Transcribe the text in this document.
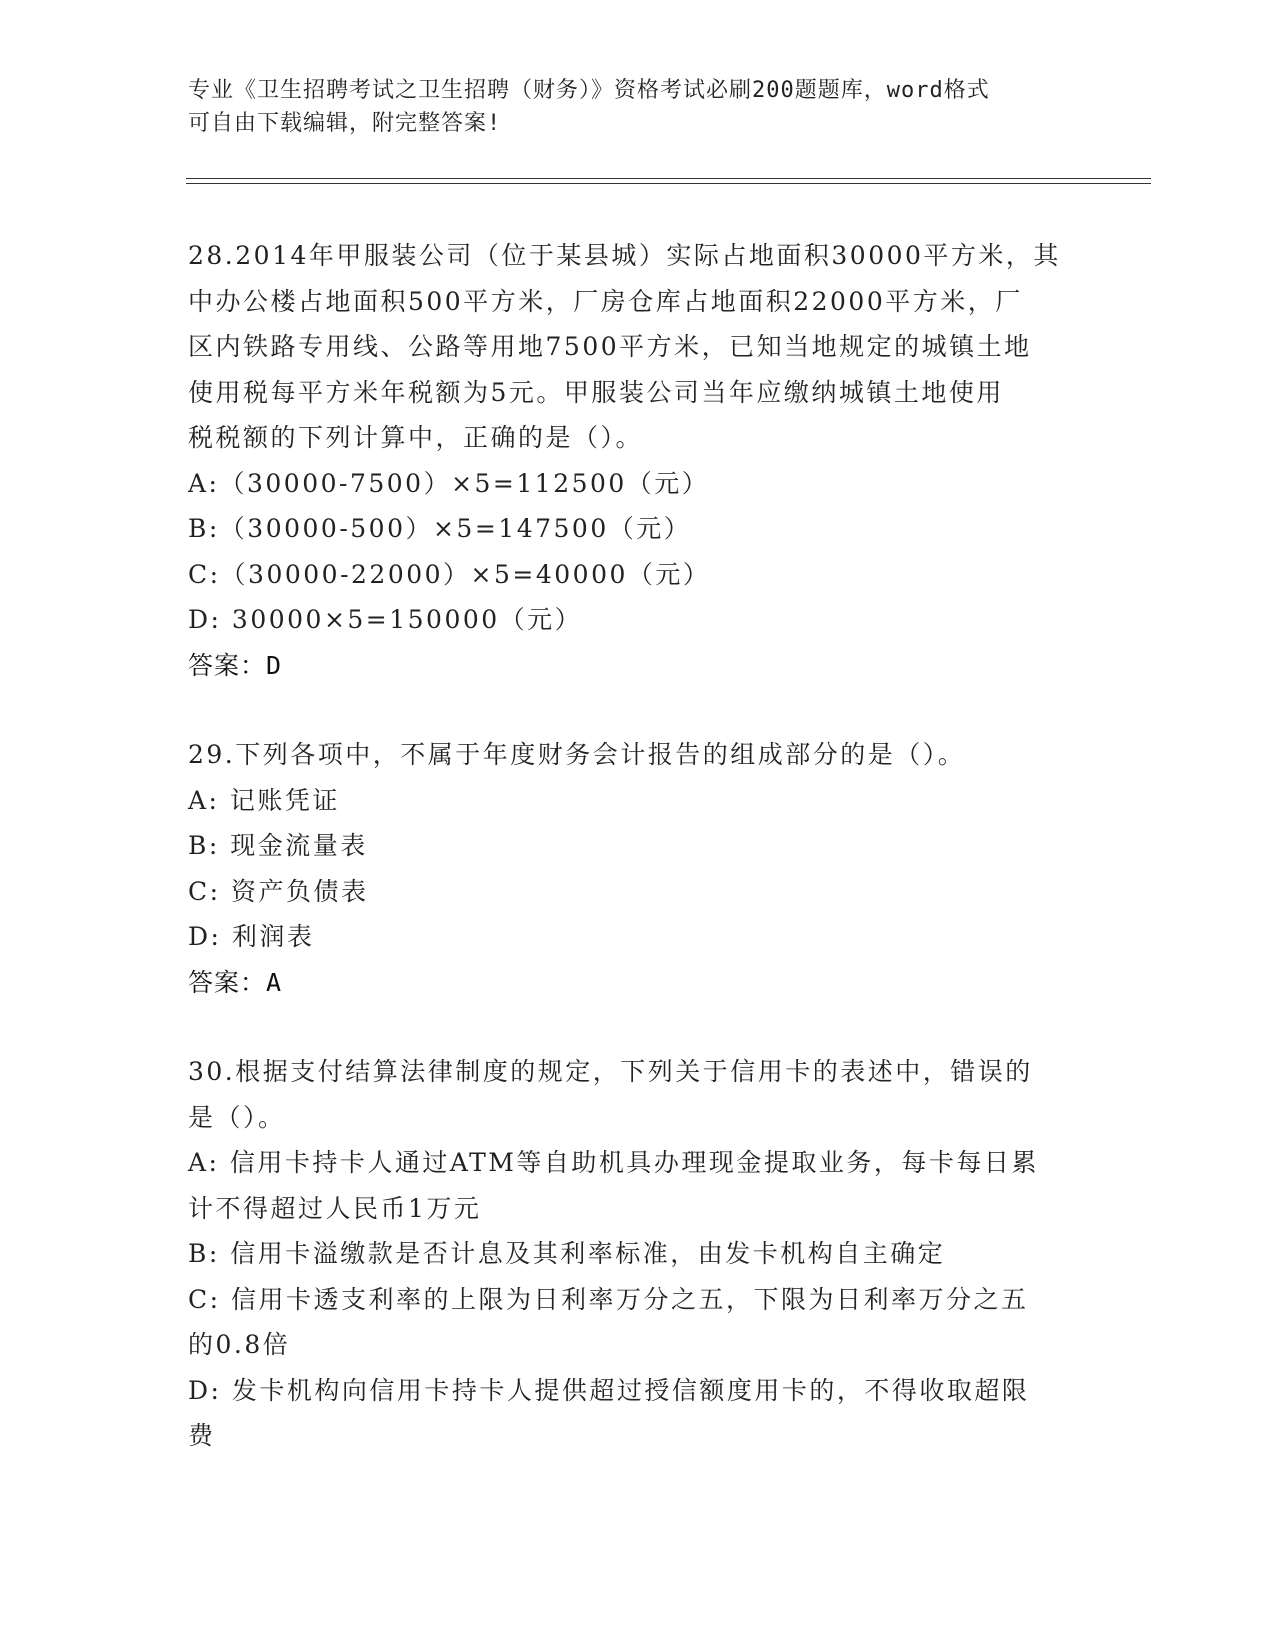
专业《卫生招聘考试之卫生招聘（财务）》资格考试必刷200题题库，word格式
可自由下载编辑，附完整答案!
28.2014年甲服装公司（位于某县城）实际占地面积30000平方米，其
中办公楼占地面积500平方米，厂房仓库占地面积22000平方米，厂
区内铁路专用线、公路等用地7500平方米，已知当地规定的城镇土地
使用税每平方米年税额为5元。甲服装公司当年应缴纳城镇土地使用
税税额的下列计算中，正确的是（）。
A:（30000-7500）×5=112500（元）
B:（30000-500）×5=147500（元）
C:（30000-22000）×5=40000（元）
D: 30000×5=150000（元）
答案：D
29.下列各项中，不属于年度财务会计报告的组成部分的是（）。
A: 记账凭证
B: 现金流量表
C: 资产负债表
D: 利润表
答案：A
30.根据支付结算法律制度的规定，下列关于信用卡的表述中，错误的
是（）。
A: 信用卡持卡人通过ATM等自助机具办理现金提取业务，每卡每日累
计不得超过人民币1万元
B: 信用卡溢缴款是否计息及其利率标准，由发卡机构自主确定
C: 信用卡透支利率的上限为日利率万分之五，下限为日利率万分之五
的0.8倍
D: 发卡机构向信用卡持卡人提供超过授信额度用卡的，不得收取超限
费
